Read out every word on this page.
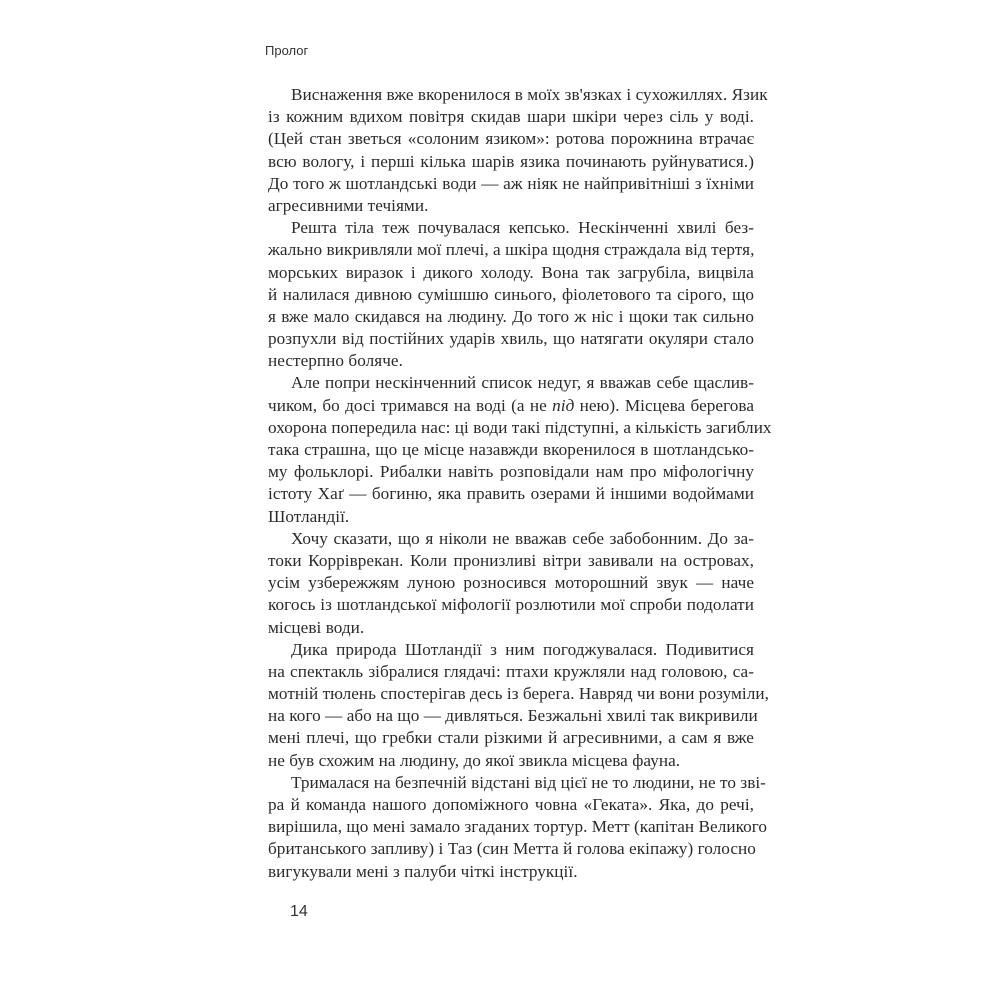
Пролог
Виснаження вже вкоренилося в моїх зв'язках і сухожиллях. Язик
із кожним вдихом повітря скидав шари шкіри через сіль у воді.
(Цей стан зветься «солоним язиком»: ротова порожнина втрачає
всю вологу, і перші кілька шарів язика починають руйнуватися.)
До того ж шотландські води — аж ніяк не найпривітніші з їхніми
агресивними течіями.
Решта тіла теж почувалася кепсько. Нескінченні хвилі без-
жально викривляли мої плечі, а шкіра щодня страждала від тертя,
морських виразок і дикого холоду. Вона так загрубіла, вицвіла
й налилася дивною сумішшю синього, фіолетового та сірого, що
я вже мало скидався на людину. До того ж ніс і щоки так сильно
розпухли від постійних ударів хвиль, що натягати окуляри стало
нестерпно боляче.
Але попри нескінченний список недуг, я вважав себе щаслив-
чиком, бо досі тримався на воді (а не під нею). Місцева берегова
охорона попередила нас: ці води такі підступні, а кількість загиблих
така страшна, що це місце назавжди вкоренилося в шотландсько-
му фольклорі. Рибалки навіть розповідали нам про міфологічну
істоту Хаґ — богиню, яка править озерами й іншими водоймами
Шотландії.
Хочу сказати, що я ніколи не вважав себе забобонним. До за-
токи Корріврекан. Коли пронизливі вітри завивали на островах,
усім узбережжям луною розносився моторошний звук — наче
когось із шотландської міфології розлютили мої спроби подолати
місцеві води.
Дика природа Шотландії з ним погоджувалася. Подивитися
на спектакль зібралися глядачі: птахи кружляли над головою, са-
мотній тюлень спостерігав десь із берега. Навряд чи вони розуміли,
на кого — або на що — дивляться. Безжальні хвилі так викривили
мені плечі, що гребки стали різкими й агресивними, а сам я вже
не був схожим на людину, до якої звикла місцева фауна.
Трималася на безпечній відстані від цієї не то людини, не то зві-
ра й команда нашого допоміжного човна «Геката». Яка, до речі,
вирішила, що мені замало згаданих тортур. Метт (капітан Великого
британського запливу) і Таз (син Метта й голова екіпажу) голосно
вигукували мені з палуби чіткі інструкції.
14
